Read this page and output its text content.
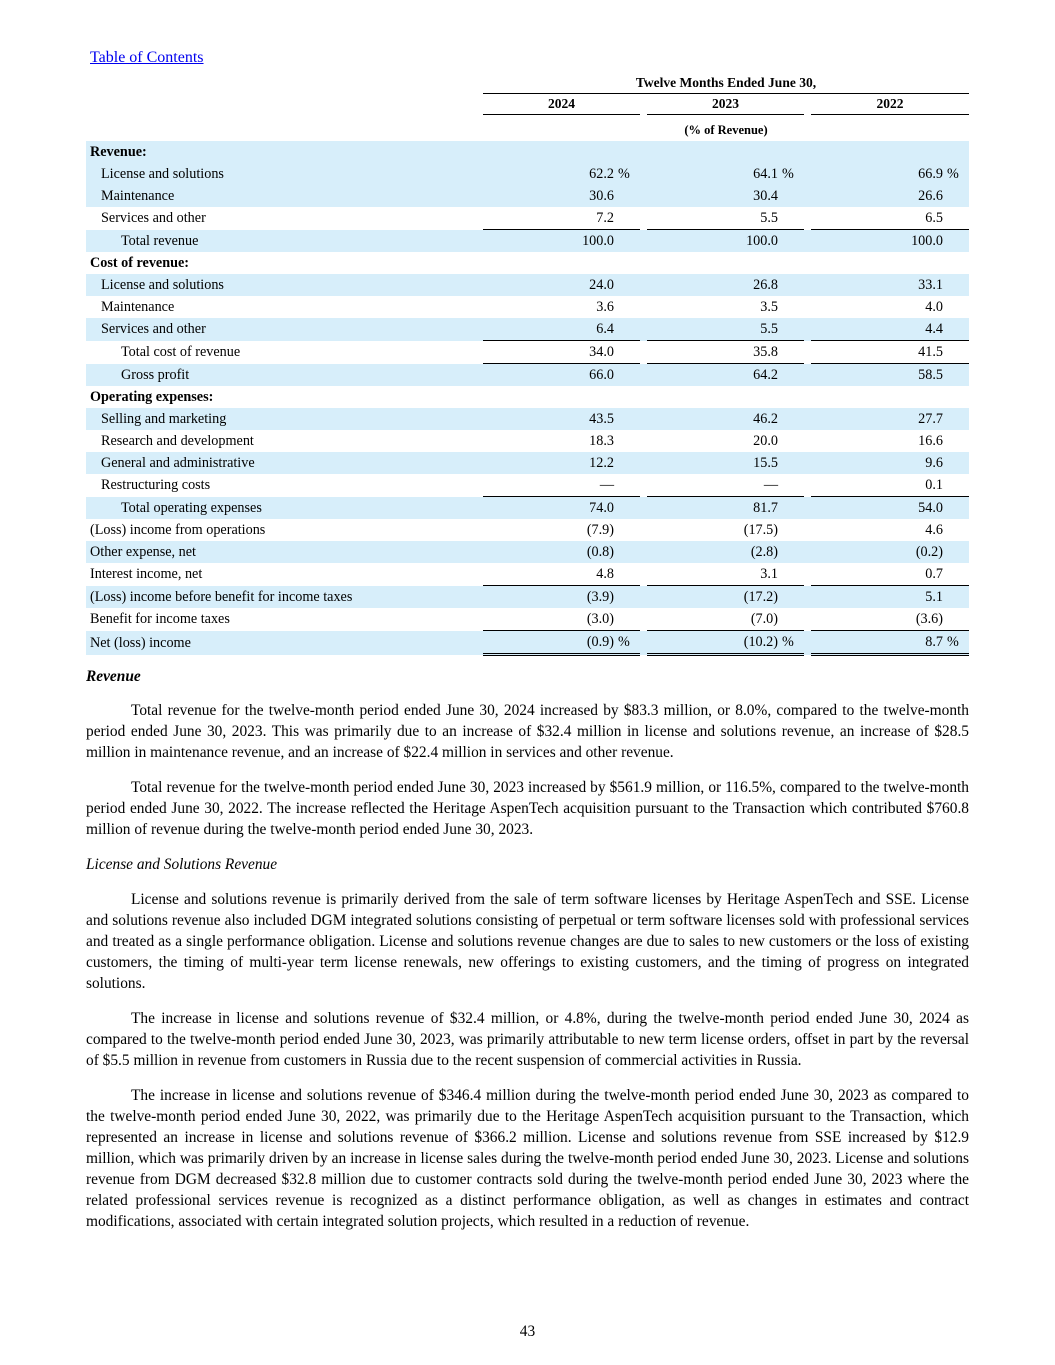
Table of Contents
Twelve Months Ended June 30,
2024	2023	2022
(% of Revenue)
Revenue:								
License and solutions	62.2	%		64.1	%		66.9	%
Maintenance	30.6			30.4			26.6	
Services and other	7.2			5.5			6.5	
Total revenue	100.0			100.0			100.0	
Cost of revenue:								
License and solutions	24.0			26.8			33.1	
Maintenance	3.6			3.5			4.0	
Services and other	6.4			5.5			4.4	
Total cost of revenue	34.0			35.8			41.5	
Gross profit	66.0			64.2			58.5	
Operating expenses:								
Selling and marketing	43.5			46.2			27.7	
Research and development	18.3			20.0			16.6	
General and administrative	12.2			15.5			9.6	
Restructuring costs	—			—			0.1	
Total operating expenses	74.0			81.7			54.0	
(Loss) income from operations	(7.9)			(17.5)			4.6	
Other expense, net	(0.8)			(2.8)			(0.2)	
Interest income, net	4.8			3.1			0.7	
(Loss) income before benefit for income taxes	(3.9)			(17.2)			5.1	
Benefit for income taxes	(3.0)			(7.0)			(3.6)	
Net (loss) income	(0.9)	%		(10.2)	%		8.7	%
Revenue

Total revenue for the twelve-month period ended June 30, 2024 increased by $83.3 million, or 8.0%, compared to the twelve-month period ended June 30, 2023. This was primarily due to an increase of $32.4 million in license and solutions revenue, an increase of $28.5 million in maintenance revenue, and an increase of $22.4 million in services and other revenue.

Total revenue for the twelve-month period ended June 30, 2023 increased by $561.9 million, or 116.5%, compared to the twelve-month period ended June 30, 2022. The increase reflected the Heritage AspenTech acquisition pursuant to the Transaction which contributed $760.8 million of revenue during the twelve-month period ended June 30, 2023.

License and Solutions Revenue

License and solutions revenue is primarily derived from the sale of term software licenses by Heritage AspenTech and SSE. License and solutions revenue also included DGM integrated solutions consisting of perpetual or term software licenses sold with professional services and treated as a single performance obligation. License and solutions revenue changes are due to sales to new customers or the loss of existing customers, the timing of multi-year term license renewals, new offerings to existing customers, and the timing of progress on integrated solutions.

The increase in license and solutions revenue of $32.4 million, or 4.8%, during the twelve-month period ended June 30, 2024 as compared to the twelve-month period ended June 30, 2023, was primarily attributable to new term license orders, offset in part by the reversal of $5.5 million in revenue from customers in Russia due to the recent suspension of commercial activities in Russia.

The increase in license and solutions revenue of $346.4 million during the twelve-month period ended June 30, 2023 as compared to the twelve-month period ended June 30, 2022, was primarily due to the Heritage AspenTech acquisition pursuant to the Transaction, which represented an increase in license and solutions revenue of $366.2 million. License and solutions revenue from SSE increased by $12.9 million, which was primarily driven by an increase in license sales during the twelve-month period ended June 30, 2023. License and solutions revenue from DGM decreased $32.8 million due to customer contracts sold during the twelve-month period ended June 30, 2023 where the related professional services revenue is recognized as a distinct performance obligation, as well as changes in estimates and contract modifications, associated with certain integrated solution projects, which resulted in a reduction of revenue.

43
